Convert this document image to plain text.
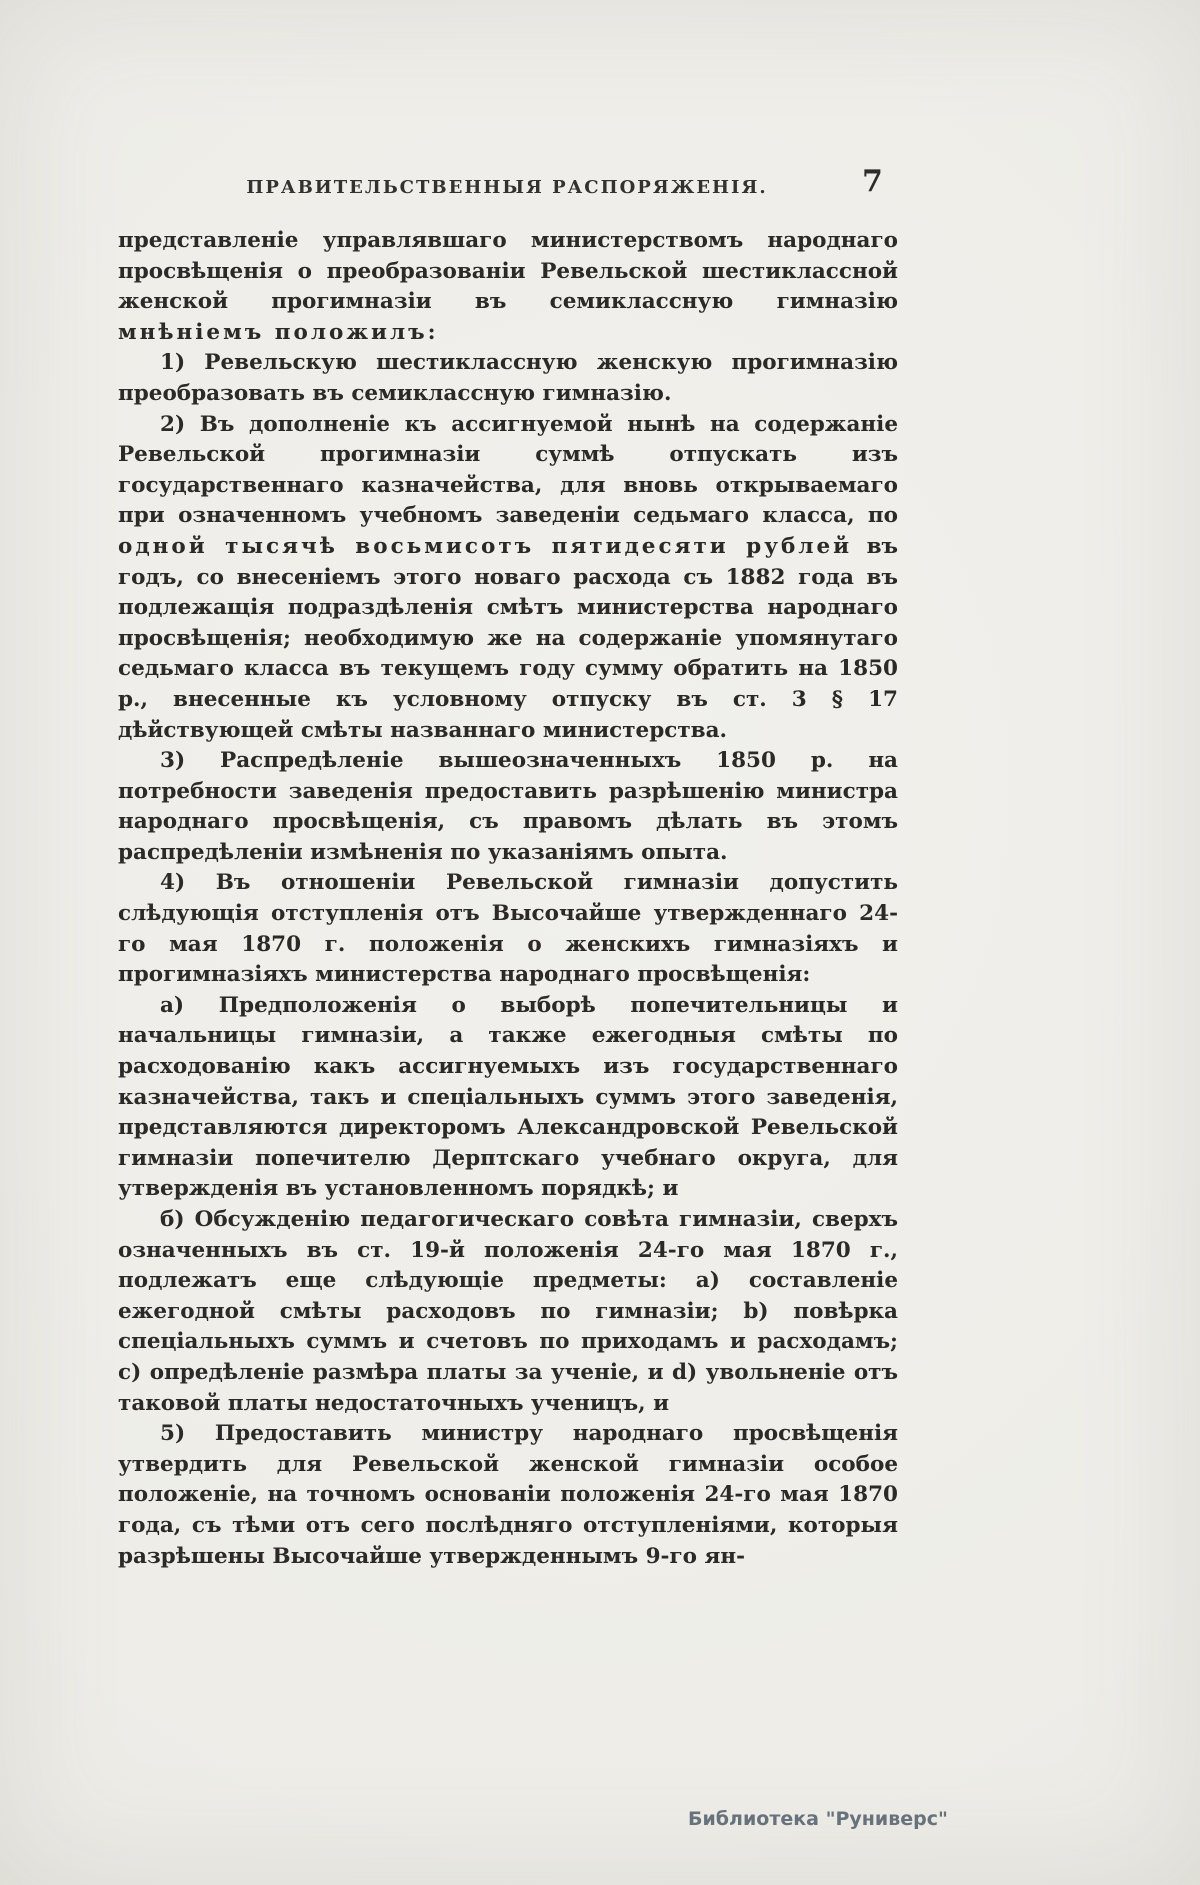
ПРАВИТЕЛЬСТВЕННЫЯ РАСПОРЯЖЕНІЯ.	7

представленіе управлявшаго министерствомъ народнаго просвѣщенія о преобразованіи Ревельской шестиклассной женской прогимназіи въ семиклассную гимназію мнѣніемъ положилъ:

1) Ревельскую шестиклассную женскую прогимназію преобразовать въ семиклассную гимназію.

2) Въ дополненіе къ ассигнуемой нынѣ на содержаніе Ревельской прогимназіи суммѣ отпускать изъ государственнаго казначейства, для вновь открываемаго при означенномъ учебномъ заведеніи седьмаго класса, по одной тысячѣ восьмисотъ пятидесяти рублей въ годъ, со внесеніемъ этого новаго расхода съ 1882 года въ подлежащія подраздѣленія смѣтъ министерства народнаго просвѣщенія; необходимую же на содержаніе упомянутаго седьмаго класса въ текущемъ году сумму обратить на 1850 р., внесенные къ условному отпуску въ ст. 3 § 17 дѣйствующей смѣты названнаго министерства.

3) Распредѣленіе вышеозначенныхъ 1850 р. на потребности заведенія предоставить разрѣшенію министра народнаго просвѣщенія, съ правомъ дѣлать въ этомъ распредѣленіи измѣненія по указаніямъ опыта.

4) Въ отношеніи Ревельской гимназіи допустить слѣдующія отступленія отъ Высочайше утвержденнаго 24-го мая 1870 г. положенія о женскихъ гимназіяхъ и прогимназіяхъ министерства народнаго просвѣщенія:

а) Предположенія о выборѣ попечительницы и начальницы гимназіи, а также ежегодныя смѣты по расходованію какъ ассигнуемыхъ изъ государственнаго казначейства, такъ и спеціальныхъ суммъ этого заведенія, представляются директоромъ Александровской Ревельской гимназіи попечителю Дерптскаго учебнаго округа, для утвержденія въ установленномъ порядкѣ; и

б) Обсужденію педагогическаго совѣта гимназіи, сверхъ означенныхъ въ ст. 19-й положенія 24-го мая 1870 г., подлежатъ еще слѣдующіе предметы: а) составленіе ежегодной смѣты расходовъ по гимназіи; b) повѣрка спеціальныхъ суммъ и счетовъ по приходамъ и расходамъ; c) опредѣленіе размѣра платы за ученіе, и d) увольненіе отъ таковой платы недостаточныхъ ученицъ, и

5) Предоставить министру народнаго просвѣщенія утвердить для Ревельской женской гимназіи особое положеніе, на точномъ основаніи положенія 24-го мая 1870 года, съ тѣми отъ сего послѣдняго отступленіями, которыя разрѣшены Высочайше утвержденнымъ 9-го ян-

Библиотека "Руниверс"
